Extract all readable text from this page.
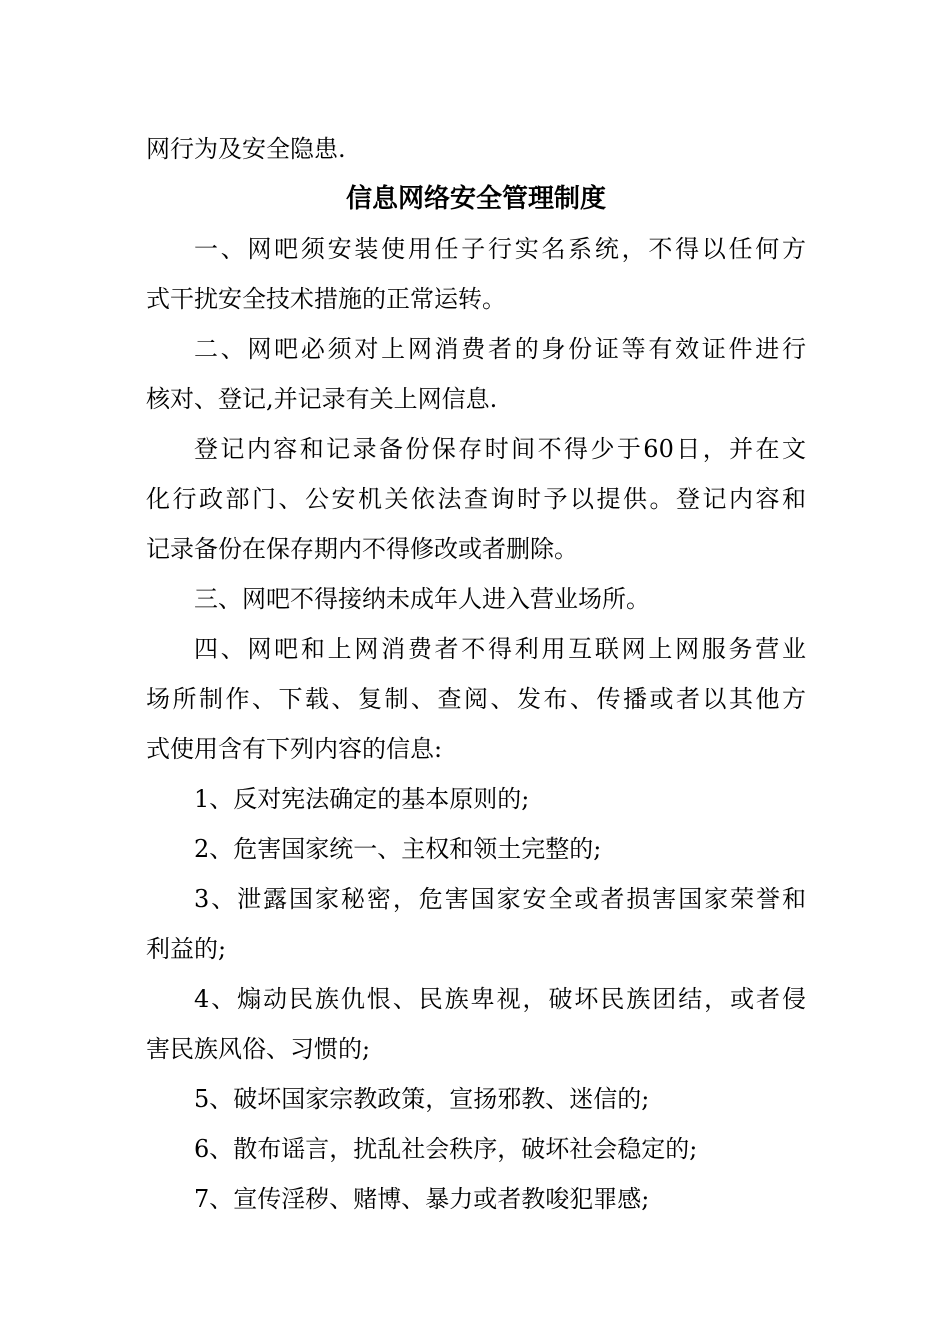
网行为及安全隐患.

信息网络安全管理制度

一、网吧须安装使用任子行实名系统，不得以任何方

式干扰安全技术措施的正常运转。

二、网吧必须对上网消费者的身份证等有效证件进行

核对、登记,并记录有关上网信息.

登记内容和记录备份保存时间不得少于60日，并在文

化行政部门、公安机关依法查询时予以提供。登记内容和

记录备份在保存期内不得修改或者删除。

三、网吧不得接纳未成年人进入营业场所。

四、网吧和上网消费者不得利用互联网上网服务营业

场所制作、下载、复制、查阅、发布、传播或者以其他方

式使用含有下列内容的信息:

1、反对宪法确定的基本原则的;

2、危害国家统一、主权和领土完整的;

3、泄露国家秘密，危害国家安全或者损害国家荣誉和

利益的;

4、煽动民族仇恨、民族卑视，破坏民族团结，或者侵

害民族风俗、习惯的;

5、破坏国家宗教政策，宣扬邪教、迷信的;

6、散布谣言，扰乱社会秩序，破坏社会稳定的;

7、宣传淫秽、赌博、暴力或者教唆犯罪感;
